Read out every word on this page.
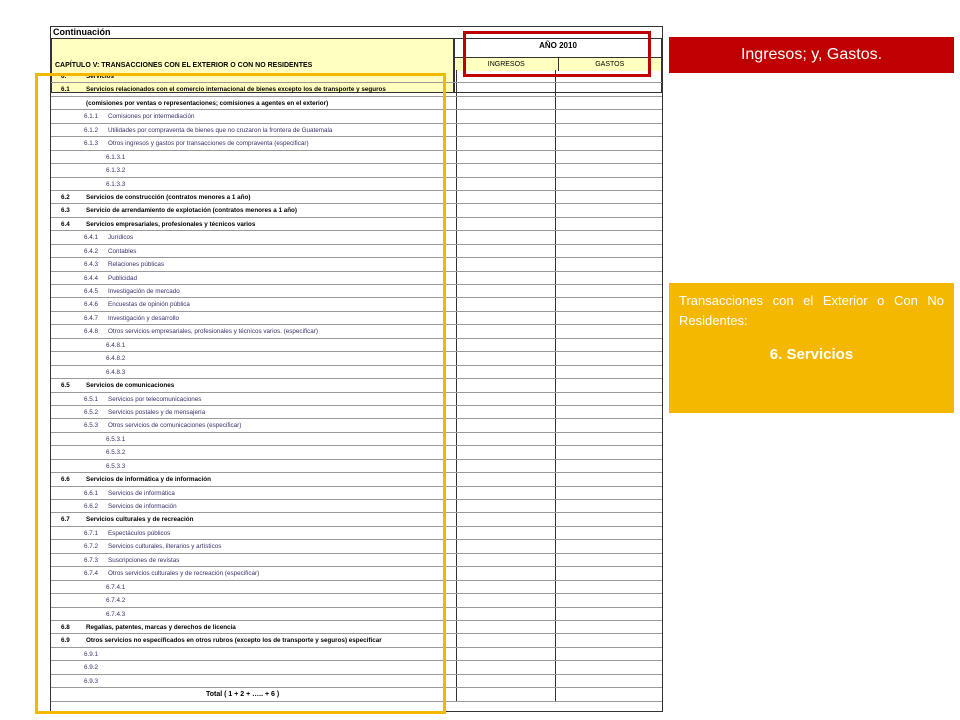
Continuación
CAPÍTULO V: TRANSACCIONES CON EL EXTERIOR O CON NO RESIDENTES
AÑO 2010
INGRESOS	GASTOS
6.	Servicios
6.1	Servicios relacionados con el comercio internacional de bienes excepto los de transporte y seguros
(comisiones por ventas o representaciones; comisiones a agentes en el exterior)
6.1.1 Comisiones por intermediación
6.1.2 Utilidades por compraventa de bienes que no cruzaron la frontera de Guatemala
6.1.3 Otros ingresos y gastos por transacciones de compraventa (especificar)
6.1.3.1
6.1.3.2
6.1.3.3
6.2	Servicios de construcción (contratos menores a 1 año)
6.3	Servicio de arrendamiento de explotación (contratos menores a 1 año)
6.4	Servicios empresariales, profesionales y técnicos varios
6.4.1 Jurídicos
6.4.2 Contables
6.4.3 Relaciones públicas
6.4.4 Publicidad
6.4.5 Investigación de mercado
6.4.6 Encuestas de opinión pública
6.4.7 Investigación y desarrollo
6.4.8 Otros servicios empresariales, profesionales y técnicos varios. (especificar)
6.4.8.1
6.4.8.2
6.4.8.3
6.5	Servicios de comunicaciones
6.5.1 Servicios por telecomunicaciones
6.5.2 Servicios postales y de mensajería
6.5.3 Otros servicios de comunicaciones (especificar)
6.5.3.1
6.5.3.2
6.5.3.3
6.6	Servicios de informática y de información
6.6.1 Servicios de informática
6.6.2 Servicios de información
6.7	Servicios culturales y de recreación
6.7.1 Espectáculos públicos
6.7.2 Servicios culturales, literarios y artísticos
6.7.3 Suscripciones de revistas
6.7.4 Otros servicios culturales y de recreación (especificar)
6.7.4.1
6.7.4.2
6.7.4.3
6.8	Regalías, patentes, marcas y derechos de licencia
6.9	Otros servicios no especificados en otros rubros (excepto los de transporte y seguros) especificar
6.9.1
6.9.2
6.9.3
Total ( 1 + 2 + ….. + 6 )
Ingresos; y, Gastos.
Transacciones con el Exterior o Con No Residentes:
6. Servicios
